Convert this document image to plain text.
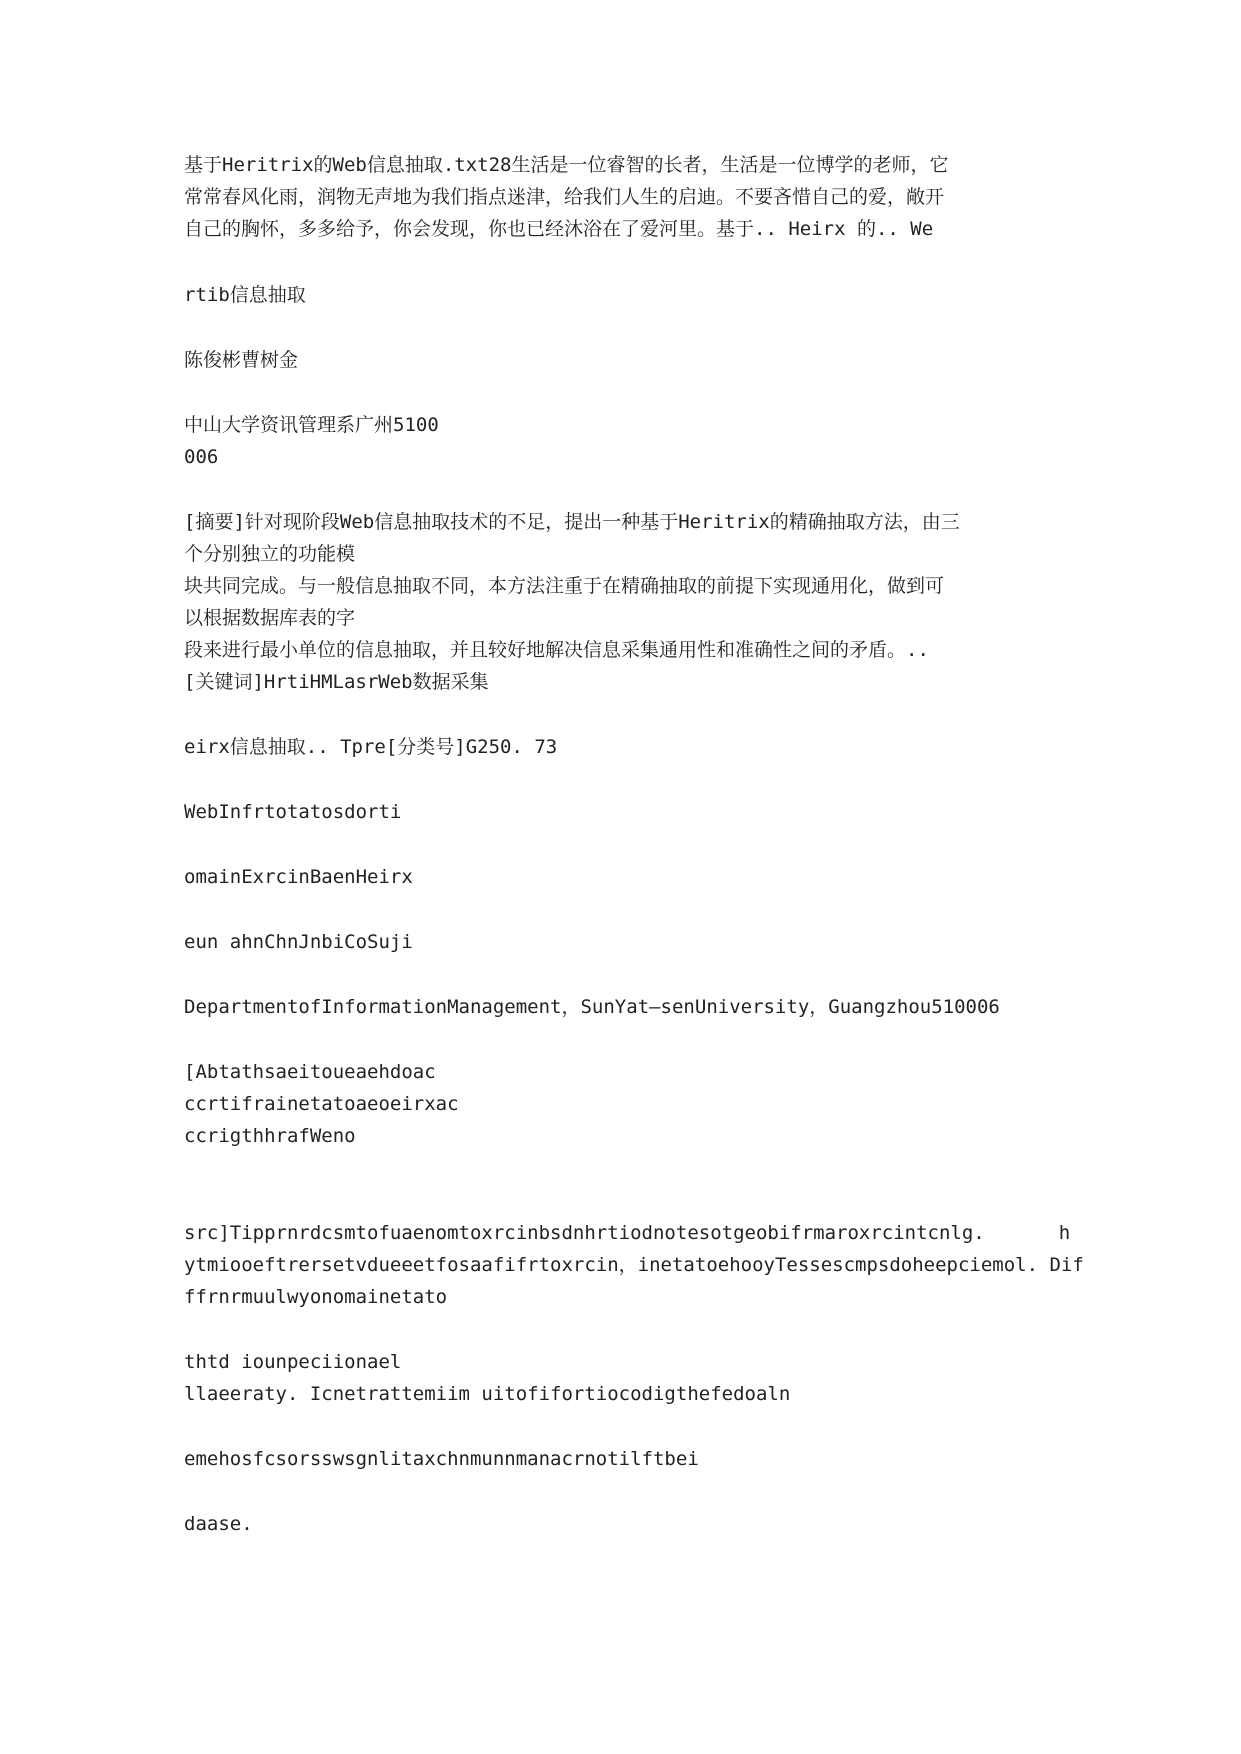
基于Heritrix的Web信息抽取.txt28生活是一位睿智的长者，生活是一位博学的老师，它
常常春风化雨，润物无声地为我们指点迷津，给我们人生的启迪。不要吝惜自己的爱，敞开
自己的胸怀，多多给予，你会发现，你也已经沐浴在了爱河里。基于.. Heirx 的.. We
rtib信息抽取
陈俊彬曹树金
中山大学资讯管理系广州5100
006
[摘要]针对现阶段Web信息抽取技术的不足，提出一种基于Heritrix的精确抽取方法，由三
个分别独立的功能模
块共同完成。与一般信息抽取不同，本方法注重于在精确抽取的前提下实现通用化，做到可
以根据数据库表的字
段来进行最小单位的信息抽取，并且较好地解决信息采集通用性和准确性之间的矛盾。..
[关键词]HrtiHMLasrWeb数据采集
eirx信息抽取.. Tpre[分类号]G250. 73
WebInfrtotatosdorti
omainExrcinBaenHeirx
eun ahnChnJnbiCoSuji
DepartmentofInformationManagement，SunYat—senUniversity，Guangzhou510006
[Abtathsaeitoueaehdoac
ccrtifrainetatoaeoeirxac
ccrigthhrafWeno
src]Tipprnrdcsmtofuaenomtoxrcinbsdnhrtiodnotesotgeobifrmaroxrcintcnlg .	h
ytmiooeftrersetvdueeetfosaafifrtoxrcin，inetatoehooyTessescmpsdoheepciemol. Dif
ffrnrmuulwyonomainetato
thtd iounpeciionael
llaeeraty. Icnetrattemiim uitofifortiocodigthefedoaln
emehosfcsorsswsgnlitaxchnmunnmanacrnotilftbei
daase.
